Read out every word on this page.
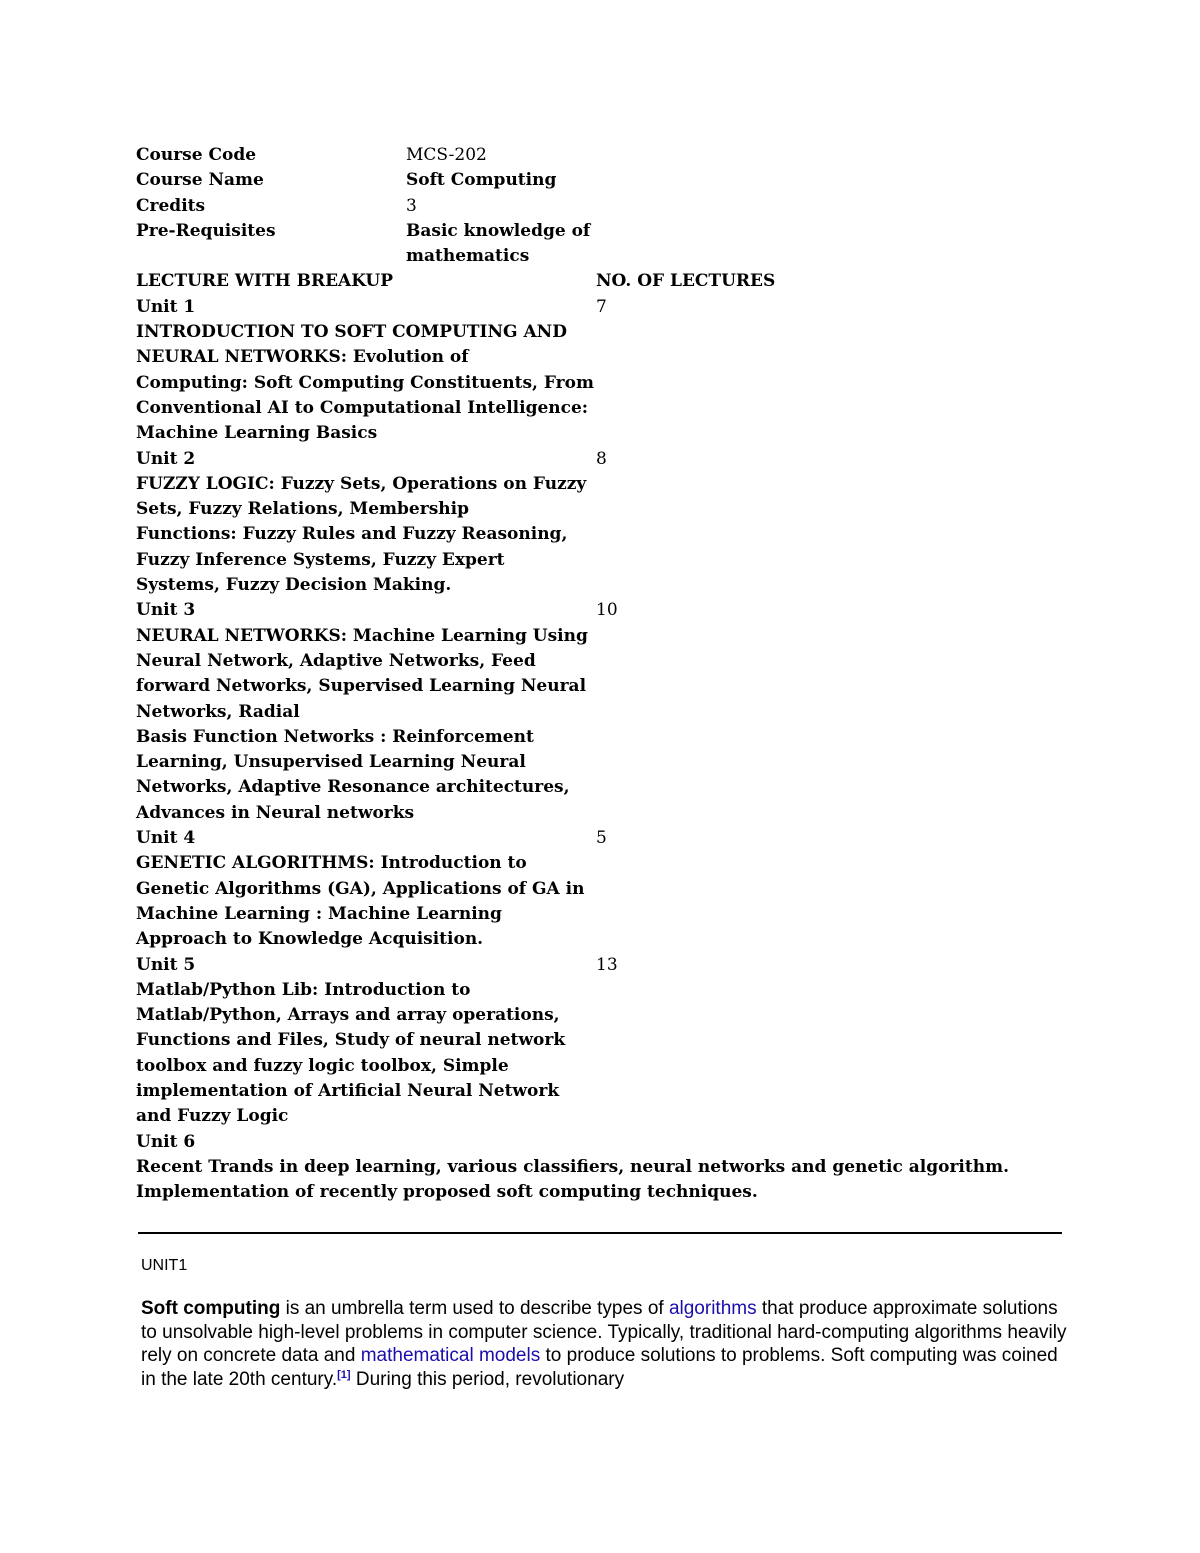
Course Code	MCS-202
Course Name	Soft Computing
Credits	3
Pre-Requisites	Basic knowledge of
mathematics
LECTURE WITH BREAKUP	NO. OF LECTURES
Unit 1	7
INTRODUCTION TO SOFT COMPUTING AND
NEURAL NETWORKS: Evolution of
Computing: Soft Computing Constituents, From
Conventional AI to Computational Intelligence:
Machine Learning Basics
Unit 2	8
FUZZY LOGIC: Fuzzy Sets, Operations on Fuzzy
Sets, Fuzzy Relations, Membership
Functions: Fuzzy Rules and Fuzzy Reasoning,
Fuzzy Inference Systems, Fuzzy Expert
Systems, Fuzzy Decision Making.
Unit 3	10
NEURAL NETWORKS: Machine Learning Using
Neural Network, Adaptive Networks, Feed
forward Networks, Supervised Learning Neural
Networks, Radial
Basis Function Networks : Reinforcement
Learning, Unsupervised Learning Neural
Networks, Adaptive Resonance architectures,
Advances in Neural networks
Unit 4	5
GENETIC ALGORITHMS: Introduction to
Genetic Algorithms (GA), Applications of GA in
Machine Learning : Machine Learning
Approach to Knowledge Acquisition.
Unit 5	13
Matlab/Python Lib: Introduction to
Matlab/Python, Arrays and array operations,
Functions and Files, Study of neural network
toolbox and fuzzy logic toolbox, Simple
implementation of Artificial Neural Network
and Fuzzy Logic
Unit 6
Recent Trands in deep learning, various classifiers, neural networks and genetic algorithm.
Implementation of recently proposed soft computing techniques.
UNIT1
Soft computing is an umbrella term used to describe types of algorithms that produce approximate solutions to unsolvable high-level problems in computer science. Typically, traditional hard-computing algorithms heavily rely on concrete data and mathematical models to produce solutions to problems. Soft computing was coined in the late 20th century.[1] During this period, revolutionary
